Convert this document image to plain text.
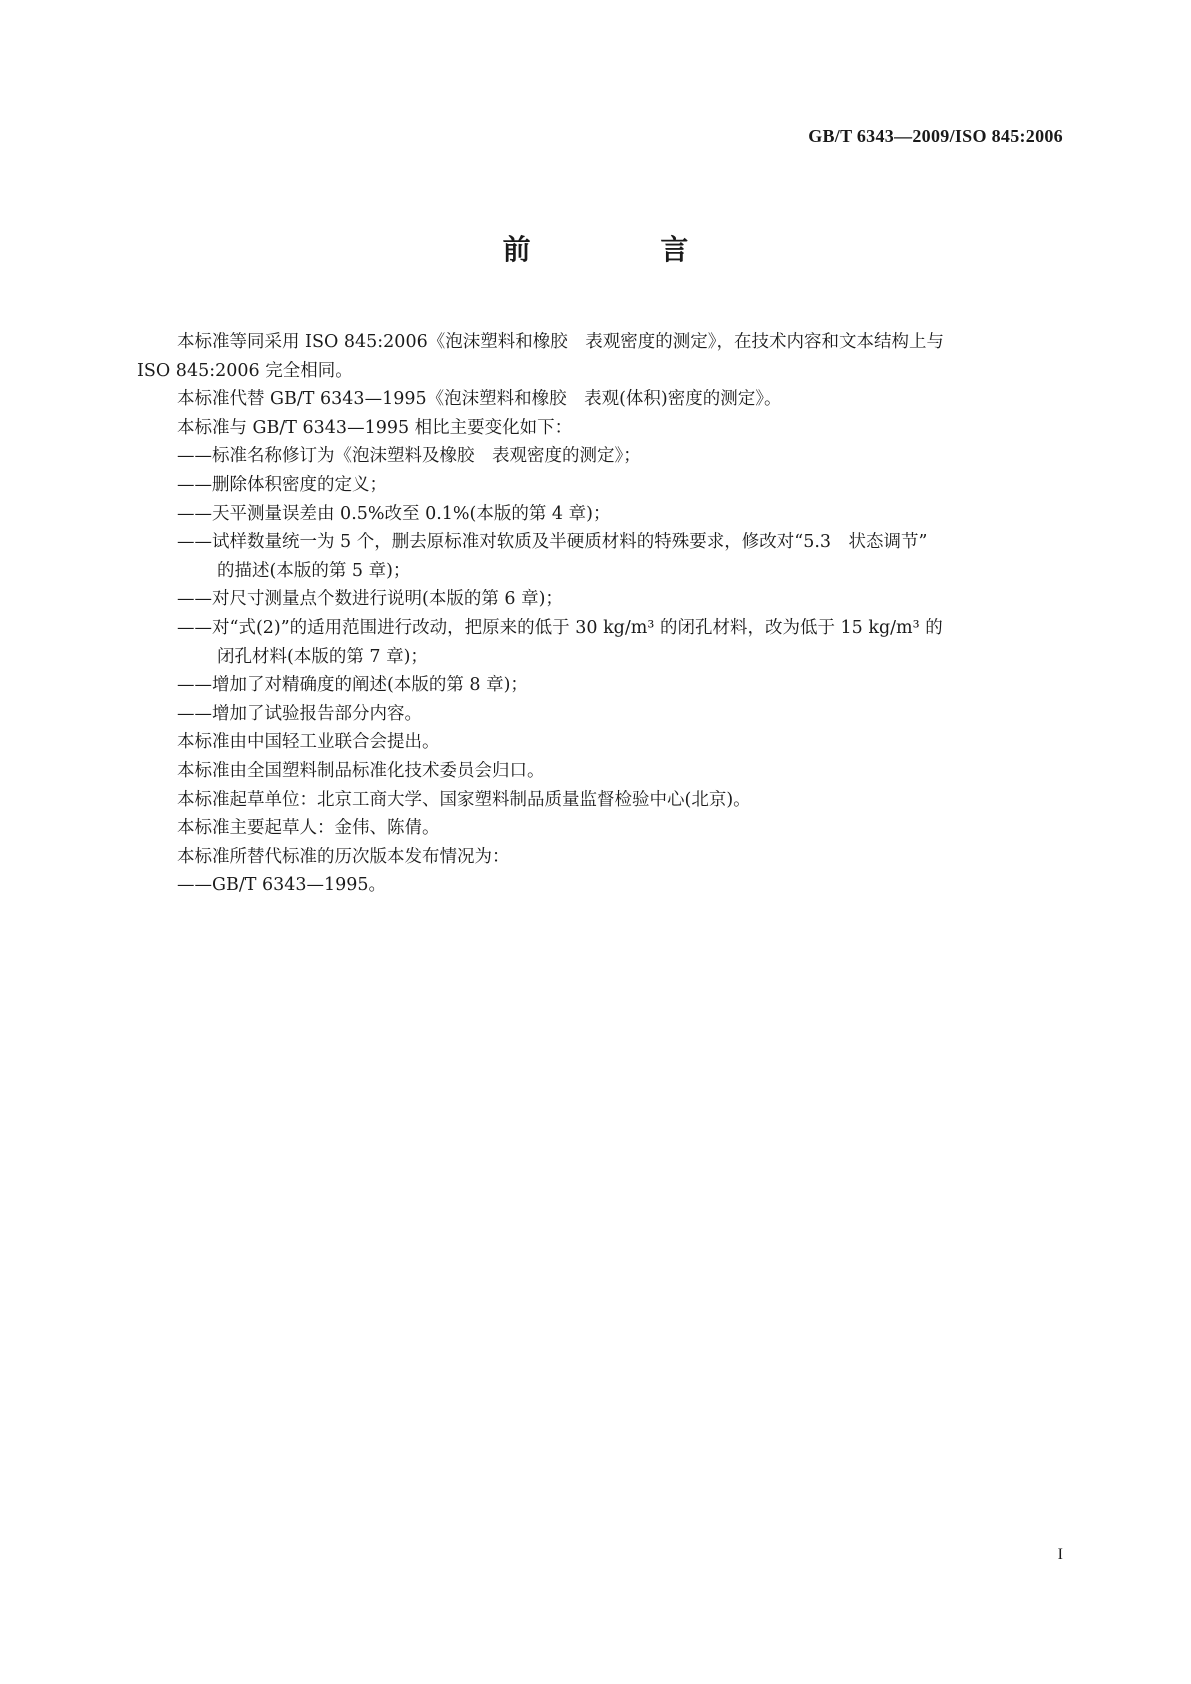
GB/T 6343—2009/ISO 845:2006
前 言

本标准等同采用 ISO 845:2006《泡沫塑料和橡胶　表观密度的测定》，在技术内容和文本结构上与

ISO 845:2006 完全相同。

本标准代替 GB/T 6343—1995《泡沫塑料和橡胶　表观(体积)密度的测定》。

本标准与 GB/T 6343—1995 相比主要变化如下：

——标准名称修订为《泡沫塑料及橡胶　表观密度的测定》；
——删除体积密度的定义；
——天平测量误差由 0.5%改至 0.1%(本版的第 4 章)；
——试样数量统一为 5 个，删去原标准对软质及半硬质材料的特殊要求，修改对“5.3　状态调节”
的描述(本版的第 5 章)；
——对尺寸测量点个数进行说明(本版的第 6 章)；
——对“式(2)”的适用范围进行改动，把原来的低于 30 kg/m³ 的闭孔材料，改为低于 15 kg/m³ 的
闭孔材料(本版的第 7 章)；
——增加了对精确度的阐述(本版的第 8 章)；
——增加了试验报告部分内容。

本标准由中国轻工业联合会提出。

本标准由全国塑料制品标准化技术委员会归口。

本标准起草单位：北京工商大学、国家塑料制品质量监督检验中心(北京)。

本标准主要起草人：金伟、陈倩。

本标准所替代标准的历次版本发布情况为：

——GB/T 6343—1995。

I
